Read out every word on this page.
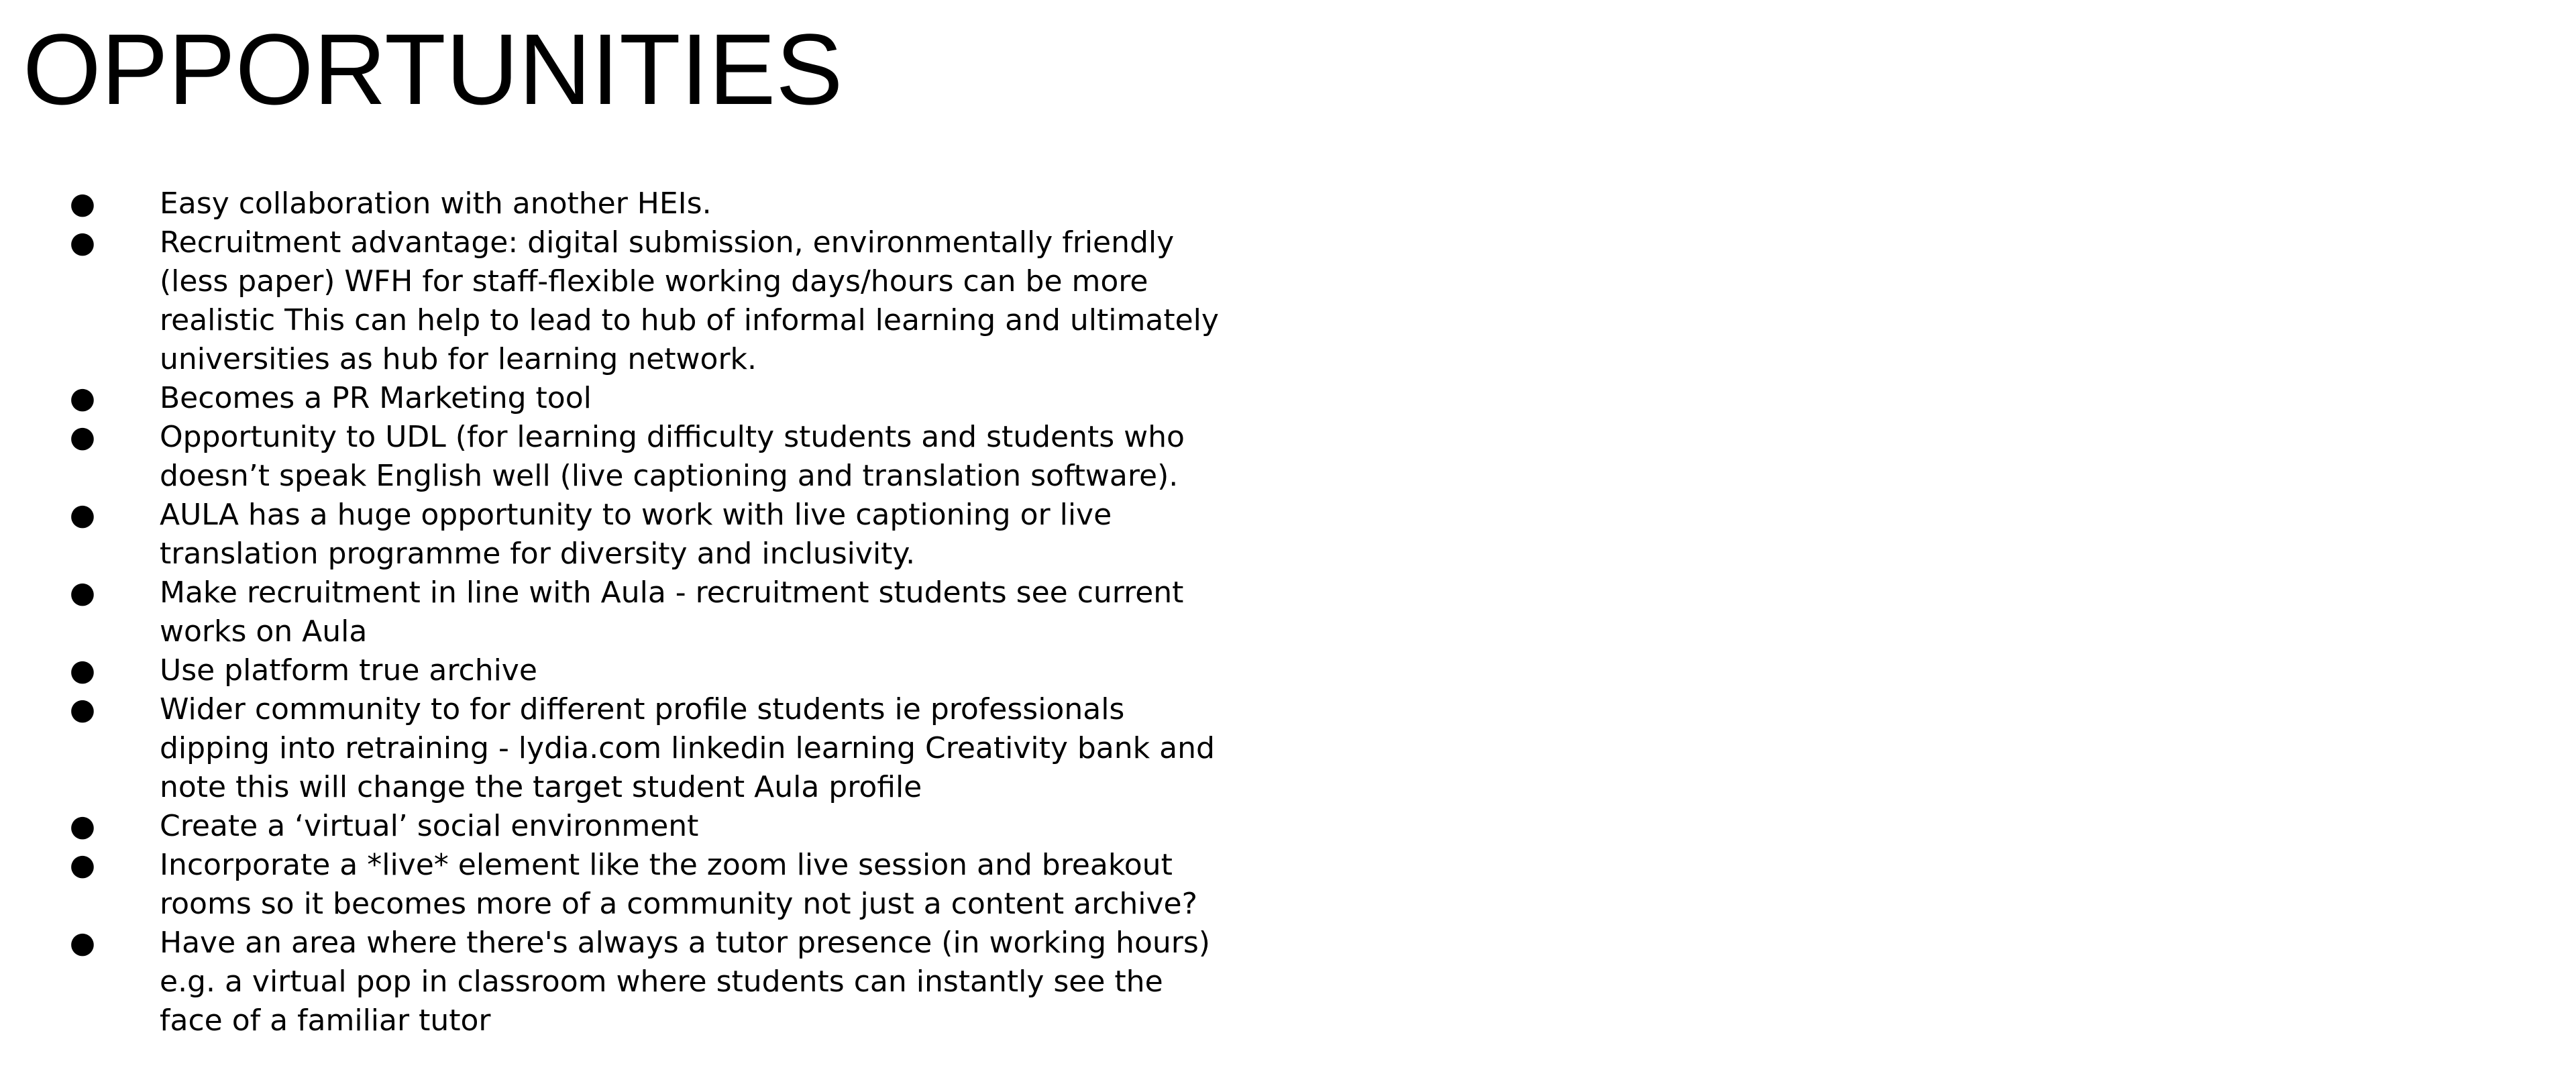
OPPORTUNITIES
● Easy collaboration with another HEIs.
● Recruitment advantage: digital submission, environmentally friendly (less paper) WFH for staff-flexible working days/hours can be more realistic This can help to lead to hub of informal learning and ultimately universities as hub for learning network.
● Becomes a PR Marketing tool
● Opportunity to UDL (for learning difficulty students and students who doesn’t speak English well (live captioning and translation software).
● AULA has a huge opportunity to work with live captioning or live translation programme for diversity and inclusivity.
● Make recruitment in line with Aula - recruitment students see current works on Aula
● Use platform true archive
● Wider community to for different profile students ie professionals dipping into retraining - lydia.com linkedin learning Creativity bank and note this will change the target student Aula profile
● Create a ‘virtual’ social environment
● Incorporate a *live* element like the zoom live session and breakout rooms so it becomes more of a community not just a content archive?
● Have an area where there's always a tutor presence (in working hours) e.g. a virtual pop in classroom where students can instantly see the face of a familiar tutor
